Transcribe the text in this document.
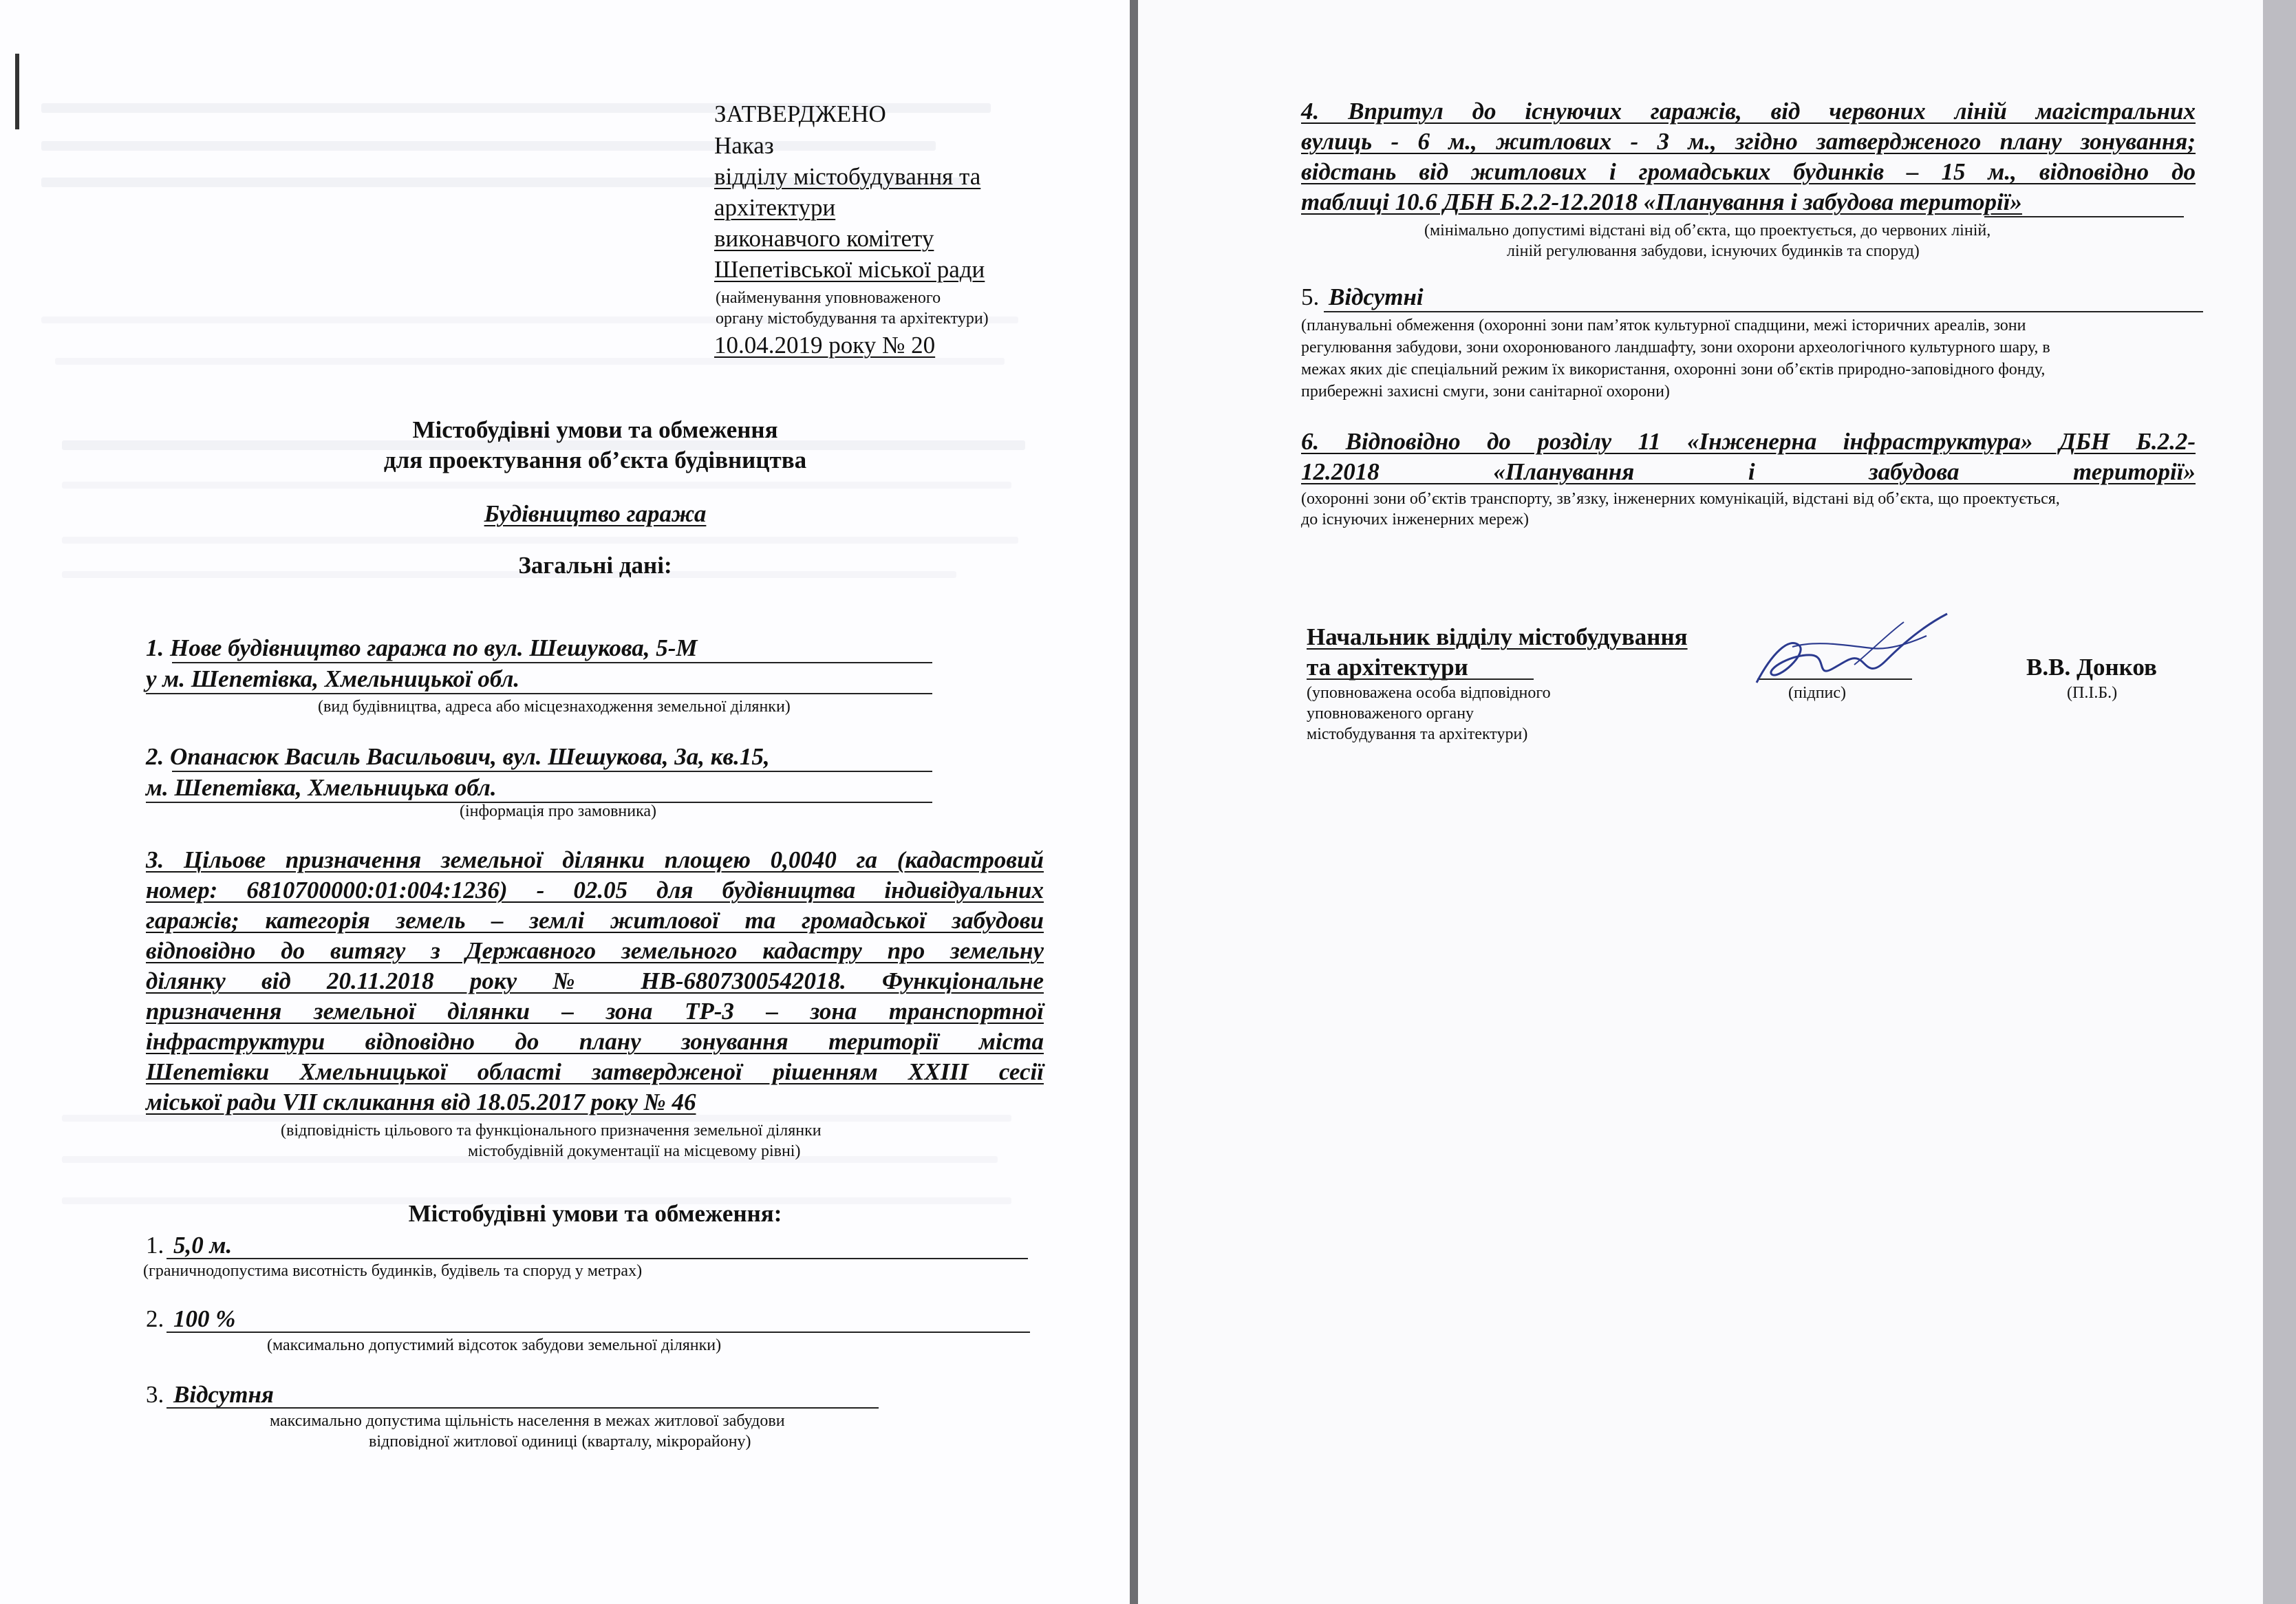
ЗАТВЕРДЖЕНО
Наказ
відділу містобудування та
архітектури
виконавчого комітету
Шепетівської міської ради
(найменування уповноваженого
органу містобудування та архітектури)
10.04.2019 року № 20
Містобудівні умови та обмеження
для проектування об’єкта будівництва
Будівництво гаража
Загальні дані:
1. Нове будівництво гаража по вул. Шешукова, 5-М
у м. Шепетівка, Хмельницької обл.
(вид будівництва, адреса або місцезнаходження земельної ділянки)
2. Опанасюк Василь Васильович, вул. Шешукова, 3а, кв.15,
м. Шепетівка, Хмельницька обл.
(інформація про замовника)
3. Цільове призначення земельної ділянки площею 0,0040 га (кадастровий
номер: 6810700000:01:004:1236) - 02.05 для будівництва індивідуальних
гаражів; категорія земель – землі житлової та громадської забудови
відповідно до витягу з Державного земельного кадастру про земельну
ділянку від 20.11.2018 року № НВ-6807300542018. Функціональне
призначення земельної ділянки – зона ТР-3 – зона транспортної
інфраструктури відповідно до плану зонування території міста
Шепетівки Хмельницької області затвердженої рішенням ХХІІІ сесії
міської ради VII скликання від 18.05.2017 року № 46
(відповідність цільового та функціонального призначення земельної ділянки
містобудівній документації на місцевому рівні)
Містобудівні умови та обмеження:
1. 5,0 м.
(граничнодопустима висотність будинків, будівель та споруд у метрах)
2. 100 %
(максимально допустимий відсоток забудови земельної ділянки)
3. Відсутня
максимально допустима щільність населення в межах житлової забудови
відповідної житлової одиниці (кварталу, мікрорайону)
4. Впритул до існуючих гаражів, від червоних ліній магістральних
вулиць - 6 м., житлових - 3 м., згідно затвердженого плану зонування;
відстань від житлових і громадських будинків – 15 м., відповідно до
таблиці 10.6 ДБН Б.2.2-12.2018 «Планування і забудова території»
(мінімально допустимі відстані від об’єкта, що проектується, до червоних ліній,
ліній регулювання забудови, існуючих будинків та споруд)
5. Відсутні
(планувальні обмеження (охоронні зони пам’яток культурної спадщини, межі історичних ареалів, зони
регулювання забудови, зони охоронюваного ландшафту, зони охорони археологічного культурного шару, в
межах яких діє спеціальний режим їх використання, охоронні зони об’єктів природно-заповідного фонду,
прибережні захисні смуги, зони санітарної охорони)
6. Відповідно до розділу 11 «Інженерна інфраструктура» ДБН Б.2.2-
12.2018 «Планування і забудова території»
(охоронні зони об’єктів транспорту, зв’язку, інженерних комунікацій, відстані від об’єкта, що проектується,
до існуючих інженерних мереж)
Начальник відділу містобудування
та архітектури
(уповноважена особа відповідного
уповноваженого органу
містобудування та архітектури)
(підпис)
В.В. Донков
(П.І.Б.)
